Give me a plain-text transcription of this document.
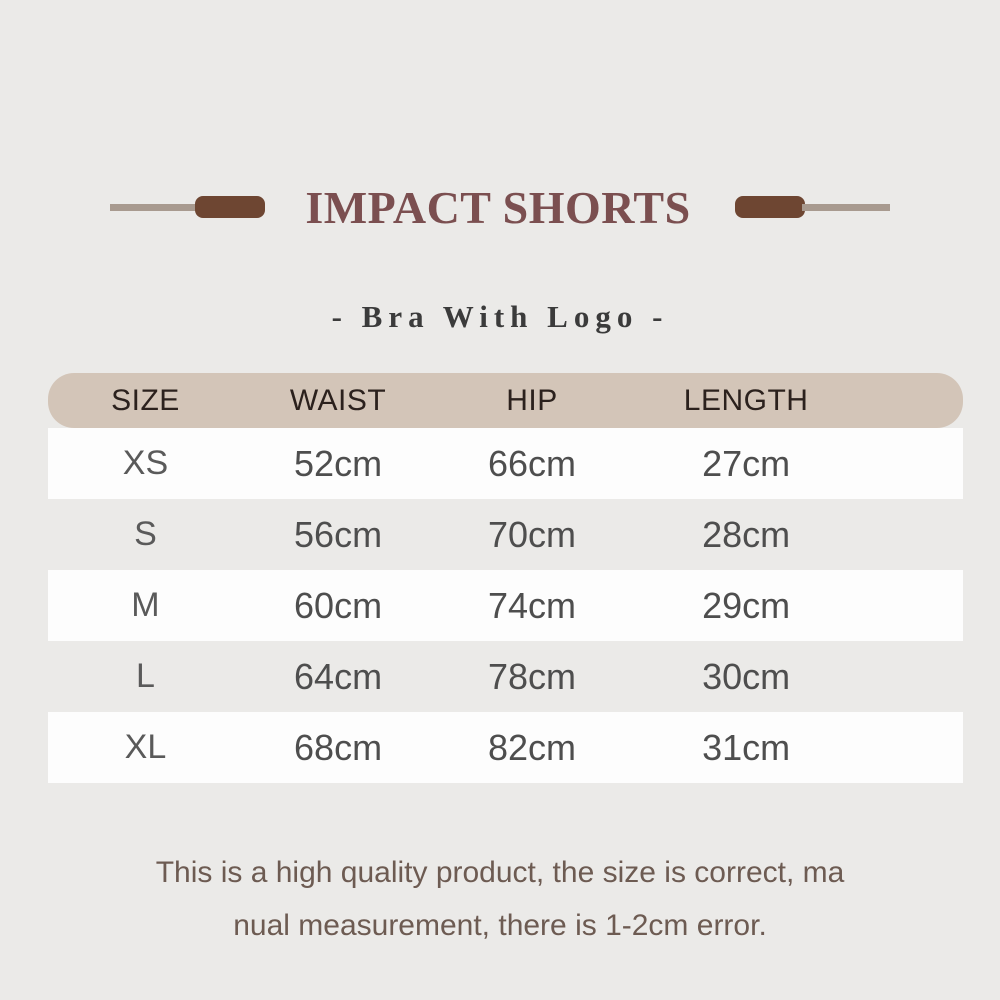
IMPACT SHORTS
- Bra With Logo -
SIZE	WAIST	HIP	LENGTH
XS	52cm	66cm	27cm
S	56cm	70cm	28cm
M	60cm	74cm	29cm
L	64cm	78cm	30cm
XL	68cm	82cm	31cm

This is a high quality product, the size is correct, ma
nual measurement, there is 1-2cm error.
